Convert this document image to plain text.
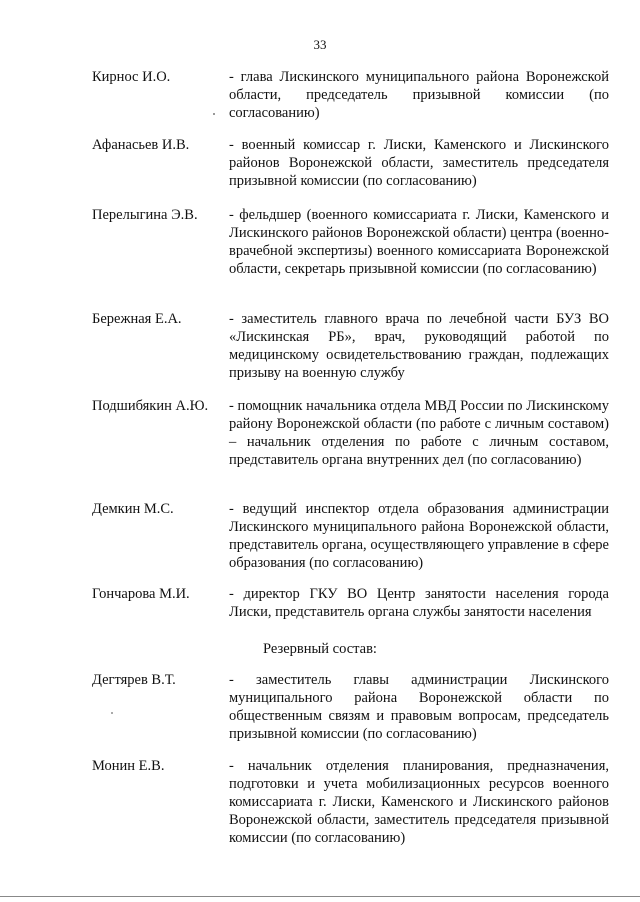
33
Кирнос И.О.	- глава Лискинского муниципального района Воронежской области, председатель призывной комиссии (по согласованию)
Афанасьев И.В.	- военный комиссар г. Лиски, Каменского и Лискинского районов Воронежской области, заместитель председателя призывной комиссии (по согласованию)
Перелыгина Э.В.	- фельдшер (военного комиссариата г. Лиски, Каменского и Лискинского районов Воронежской области) центра (военно-врачебной экспертизы) военного комиссариата Воронежской области, секретарь призывной комиссии (по согласованию)
Бережная Е.А.	- заместитель главного врача по лечебной части БУЗ ВО «Лискинская РБ», врач, руководящий работой по медицинскому освидетельствованию граждан, подлежащих призыву на военную службу
Подшибякин А.Ю.	- помощник начальника отдела МВД России по Лискинскому району Воронежской области (по работе с личным составом) – начальник отделения по работе с личным составом, представитель органа внутренних дел (по согласованию)
Демкин М.С.	- ведущий инспектор отдела образования администрации Лискинского муниципального района Воронежской области, представитель органа, осуществляющего управление в сфере образования (по согласованию)
Гончарова М.И.	- директор ГКУ ВО Центр занятости населения города Лиски, представитель органа службы занятости населения
Резервный состав:
Дегтярев В.Т.	- заместитель главы администрации Лискинского муниципального района Воронежской области по общественным связям и правовым вопросам, председатель призывной комиссии (по согласованию)
Монин Е.В.	- начальник отделения планирования, предназначения, подготовки и учета мобилизационных ресурсов военного комиссариата г. Лиски, Каменского и Лискинского районов Воронежской области, заместитель председателя призывной комиссии (по согласованию)
